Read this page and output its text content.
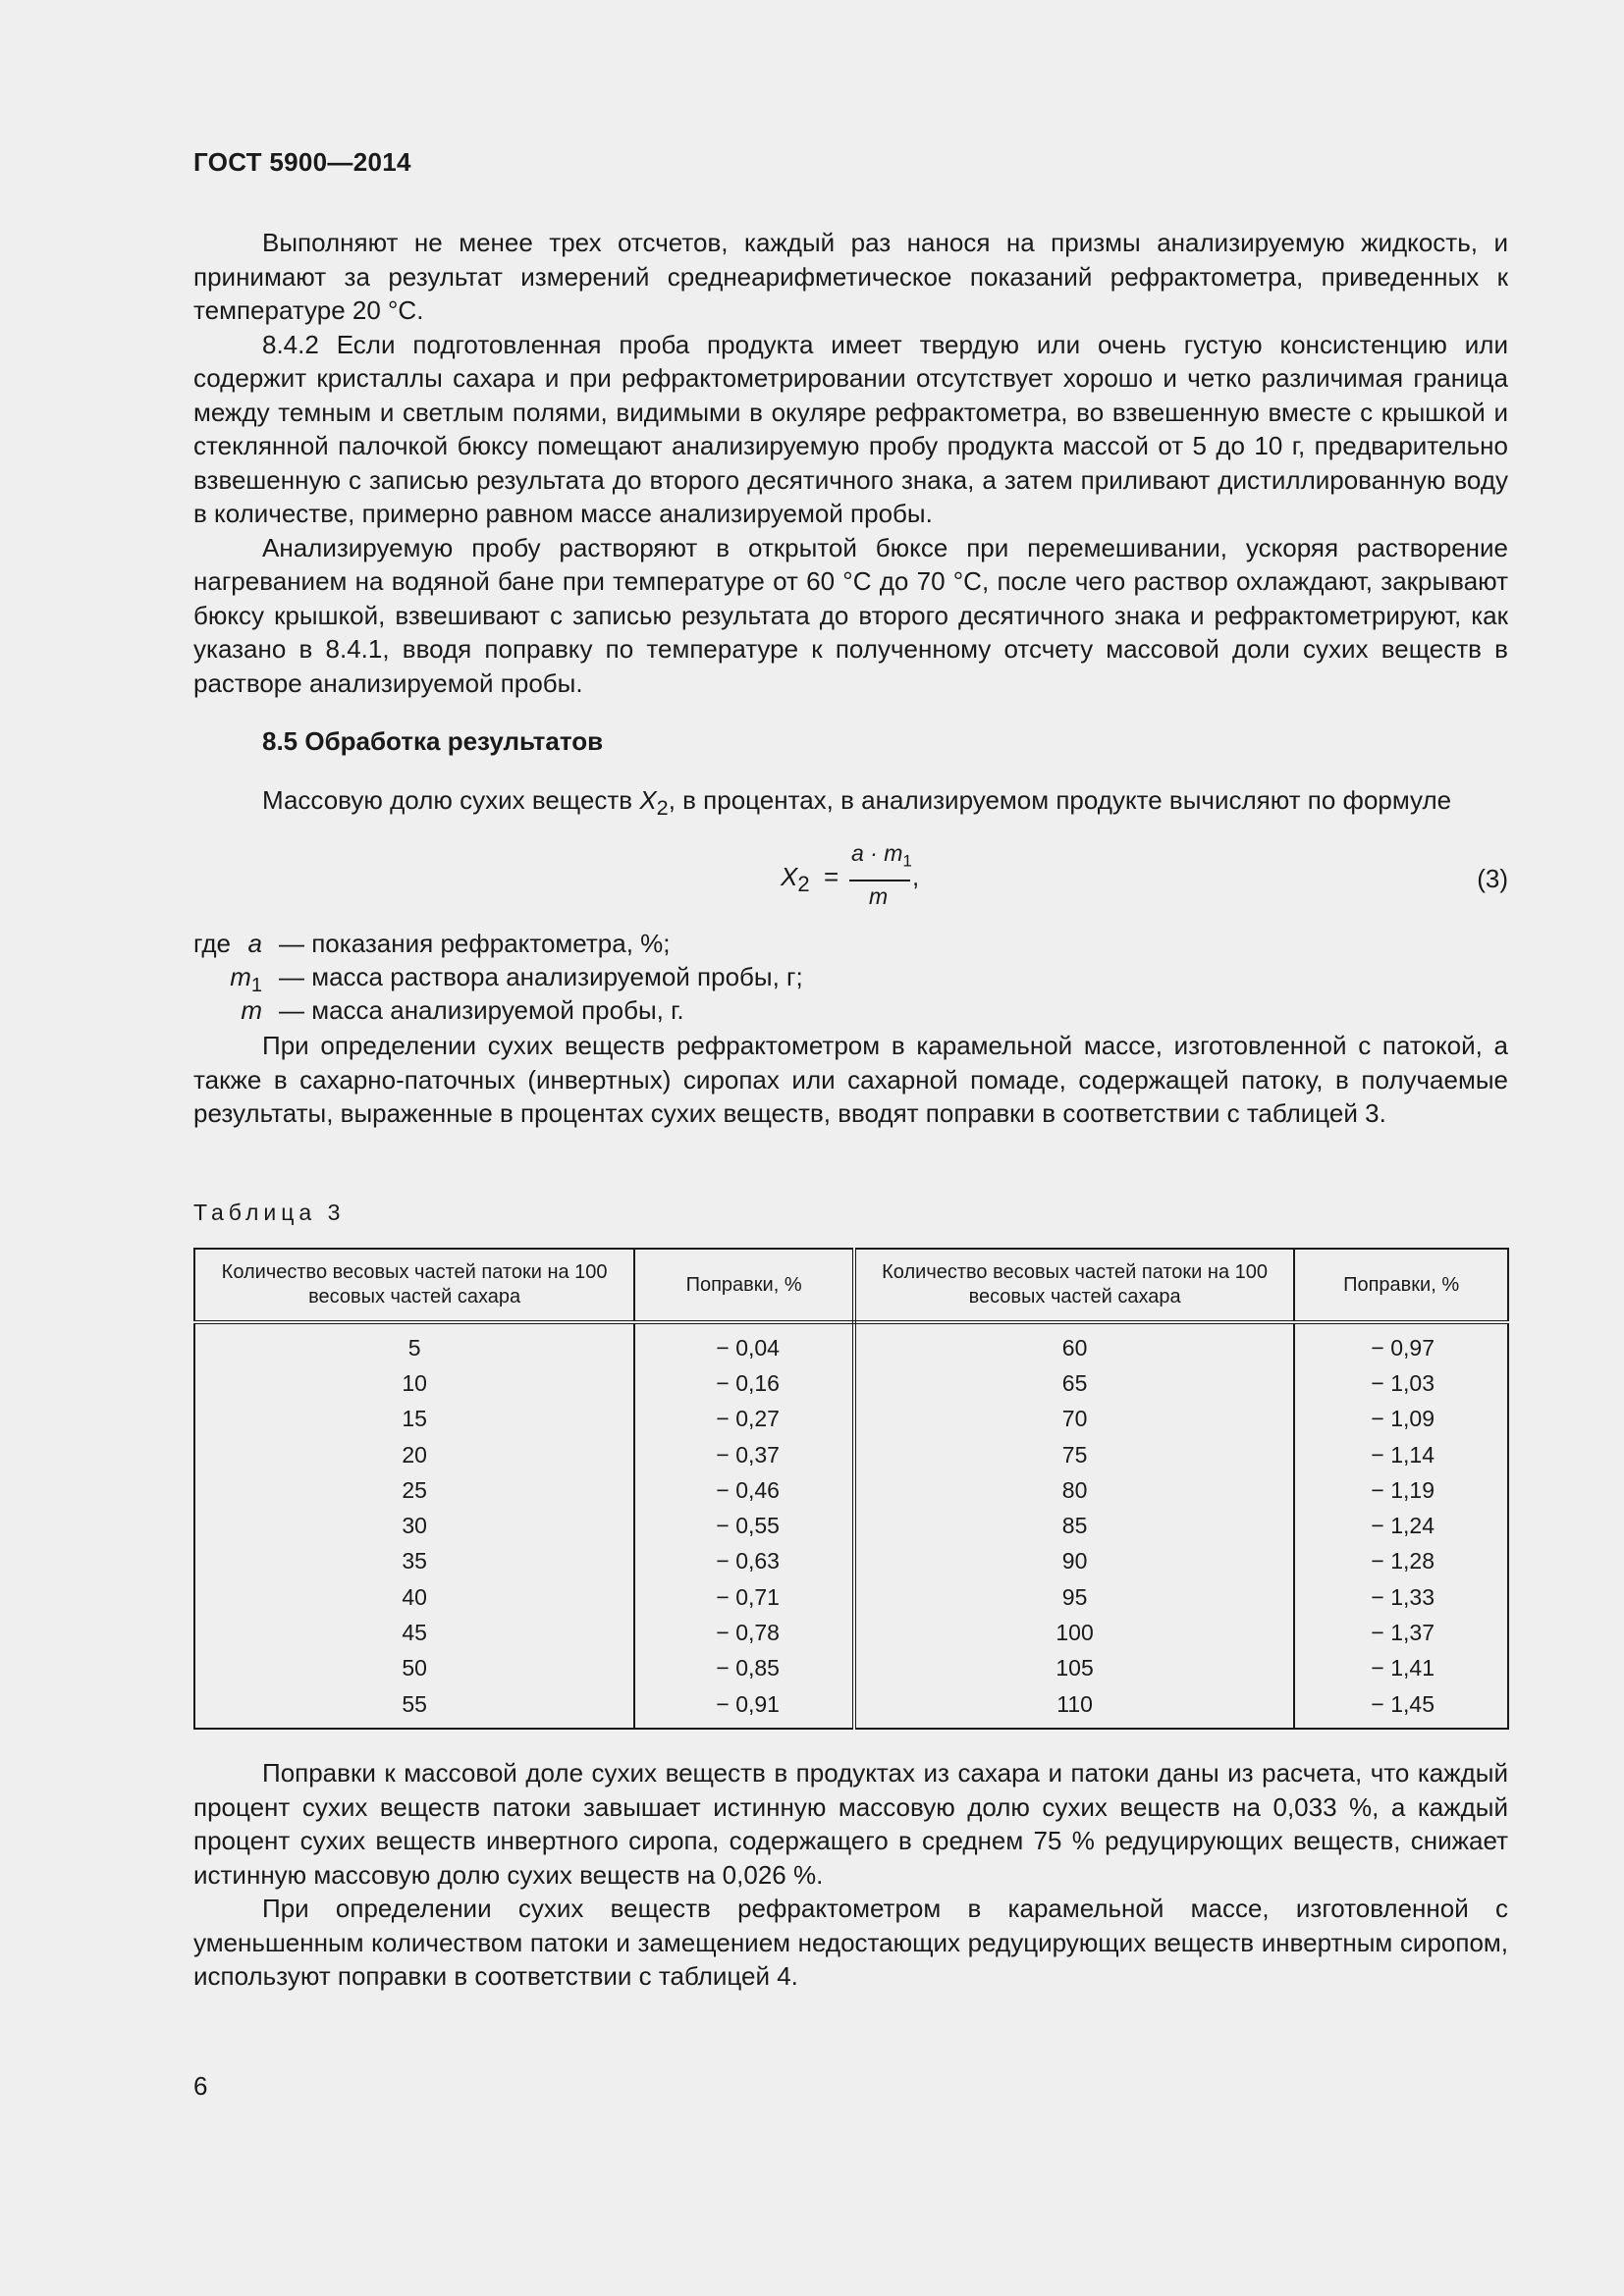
ГОСТ 5900—2014

Выполняют не менее трех отсчетов, каждый раз нанося на призмы анализируемую жидкость, и принимают за результат измерений среднеарифметическое показаний рефрактометра, приведенных к температуре 20 °С.

8.4.2 Если подготовленная проба продукта имеет твердую или очень густую консистенцию или содержит кристаллы сахара и при рефрактометрировании отсутствует хорошо и четко различимая граница между темным и светлым полями, видимыми в окуляре рефрактометра, во взвешенную вместе с крышкой и стеклянной палочкой бюксу помещают анализируемую пробу продукта массой от 5 до 10 г, предварительно взвешенную с записью результата до второго десятичного знака, а затем приливают дистиллированную воду в количестве, примерно равном массе анализируемой пробы.

Анализируемую пробу растворяют в открытой бюксе при перемешивании, ускоряя растворение нагреванием на водяной бане при температуре от 60 °С до 70 °С, после чего раствор охлаждают, закрывают бюксу крышкой, взвешивают с записью результата до второго десятичного знака и рефрактометрируют, как указано в 8.4.1, вводя поправку по температуре к полученному отсчету массовой доли сухих веществ в растворе анализируемой пробы.

8.5 Обработка результатов
Массовую долю сухих веществ $X_2$, в процентах, в анализируемом продукте вычисляют по формуле
$X_2$ =
$a \cdot m_1$
m
,	(3)
где a — показания рефрактометра, %;
$m_1$ — масса раствора анализируемой пробы, г;
m — масса анализируемой пробы, г.

При определении сухих веществ рефрактометром в карамельной массе, изготовленной с патокой, а также в сахарно-паточных (инвертных) сиропах или сахарной помаде, содержащей патоку, в получаемые результаты, выраженные в процентах сухих веществ, вводят поправки в соответствии с таблицей 3.

Таблица 3
Количество весовых частей патоки на 100 весовых частей сахара	Поправки, %	Количество весовых частей патоки на 100 весовых частей сахара	Поправки, %
5	− 0,04	60	− 0,97
10	− 0,16	65	− 1,03
15	− 0,27	70	− 1,09
20	− 0,37	75	− 1,14
25	− 0,46	80	− 1,19
30	− 0,55	85	− 1,24
35	− 0,63	90	− 1,28
40	− 0,71	95	− 1,33
45	− 0,78	100	− 1,37
50	− 0,85	105	− 1,41
55	− 0,91	110	− 1,45

Поправки к массовой доле сухих веществ в продуктах из сахара и патоки даны из расчета, что каждый процент сухих веществ патоки завышает истинную массовую долю сухих веществ на 0,033 %, а каждый процент сухих веществ инвертного сиропа, содержащего в среднем 75 % редуцирующих веществ, снижает истинную массовую долю сухих веществ на 0,026 %.

При определении сухих веществ рефрактометром в карамельной массе, изготовленной с уменьшенным количеством патоки и замещением недостающих редуцирующих веществ инвертным сиропом, используют поправки в соответствии с таблицей 4.

6
